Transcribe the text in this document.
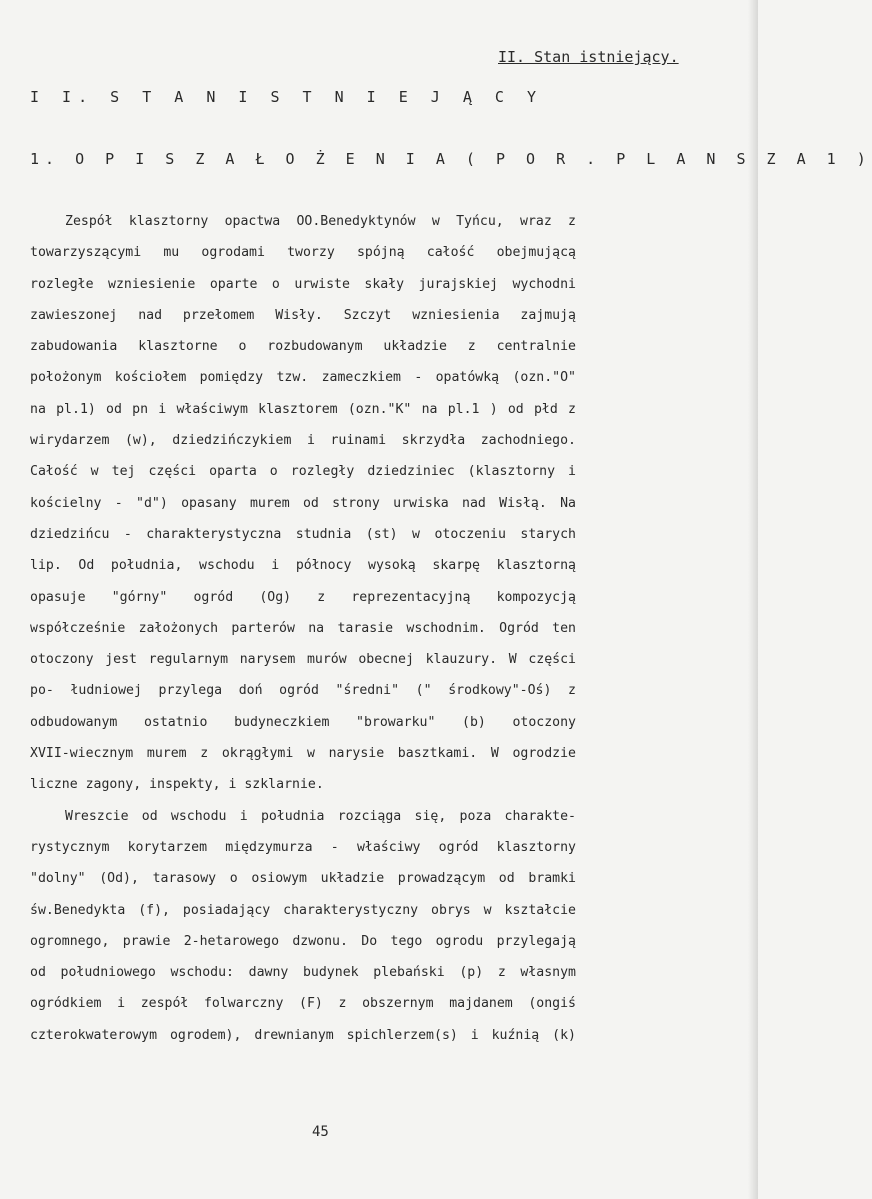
II. Stan istniejący.
I I. S T A N I S T N I E J Ą C Y
1. O P I S Z A Ł O Ż E N I A ( P O R . P L A N S Z A 1 )
Zespół klasztorny opactwa OO.Benedyktynów w Tyńcu, wraz z
towarzyszącymi mu ogrodami tworzy spójną całość obejmującą
rozległe wzniesienie oparte o urwiste skały jurajskiej wychodni
zawieszonej nad przełomem Wisły. Szczyt wzniesienia zajmują
zabudowania klasztorne o rozbudowanym układzie z centralnie
położonym kościołem pomiędzy tzw. zameczkiem - opatówką (ozn."O"
na pl.1) od pn i właściwym klasztorem (ozn."K" na pl.1 ) od płd z
wirydarzem (w), dziedzińczykiem i ruinami skrzydła zachodniego.
Całość w tej części oparta o rozległy dziedziniec (klasztorny i
kościelny - "d") opasany murem od strony urwiska nad Wisłą. Na
dziedzińcu - charakterystyczna studnia (st) w otoczeniu starych
lip. Od południa, wschodu i północy wysoką skarpę klasztorną
opasuje "górny" ogród (Og) z reprezentacyjną kompozycją
współcześnie założonych parterów na tarasie wschodnim. Ogród ten
otoczony jest regularnym narysem murów obecnej klauzury. W części
po- łudniowej przylega doń ogród "średni" (" środkowy"-Oś) z
odbudowanym ostatnio budyneczkiem "browarku" (b) otoczony
XVII-wiecznym murem z okrągłymi w narysie basztkami. W ogrodzie
liczne zagony, inspekty, i szklarnie.
Wreszcie od wschodu i południa rozciąga się, poza charakte-
rystycznym korytarzem międzymurza - właściwy ogród klasztorny
"dolny" (Od), tarasowy o osiowym układzie prowadzącym od bramki
św.Benedykta (f), posiadający charakterystyczny obrys w kształcie
ogromnego, prawie 2-hetarowego dzwonu. Do tego ogrodu przylegają
od południowego wschodu: dawny budynek plebański (p) z własnym
ogródkiem i zespół folwarczny (F) z obszernym majdanem (ongiś
czterokwaterowym ogrodem), drewnianym spichlerzem(s) i kuźnią (k)
45
